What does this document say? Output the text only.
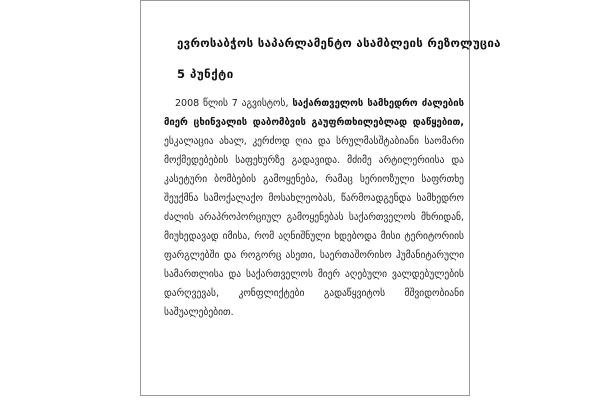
ევროსაბჭოს საპარლამენტო ასამბლეის რეზოლუცია
5 პუნქტი

2008 წლის 7 აგვისტოს, საქართველოს სამხედრო ძალების მიერ ცხინვალის დაბომბვის გაუფრთხილებლად დაწყებით, ესკალაცია ახალ, კერძოდ ღია და სრულმასშტაბიანი საომარი მოქმედებების საფეხურზე გადავიდა. მძიმე არტილერიისა და კასეტური ბომბების გამოყენება, რამაც სერიოზული საფრთხე შეუქმნა სამოქალაქო მოსახლეობას, წარმოადგენდა სამხედრო ძალის არაპროპორციულ გამოყენებას საქართველოს მხრიდან, მიუხედავად იმისა, რომ აღნიშნული ხდებოდა მისი ტერიტორიის ფარგლებში და როგორც ასეთი, საერთაშორისო ჰუმანიტარული სამართლისა და საქართველოს მიერ აღებული ვალდებულების დარღვევას, კონფლიქტები გადაწყვიტოს მშვიდობიანი საშუალებებით.
